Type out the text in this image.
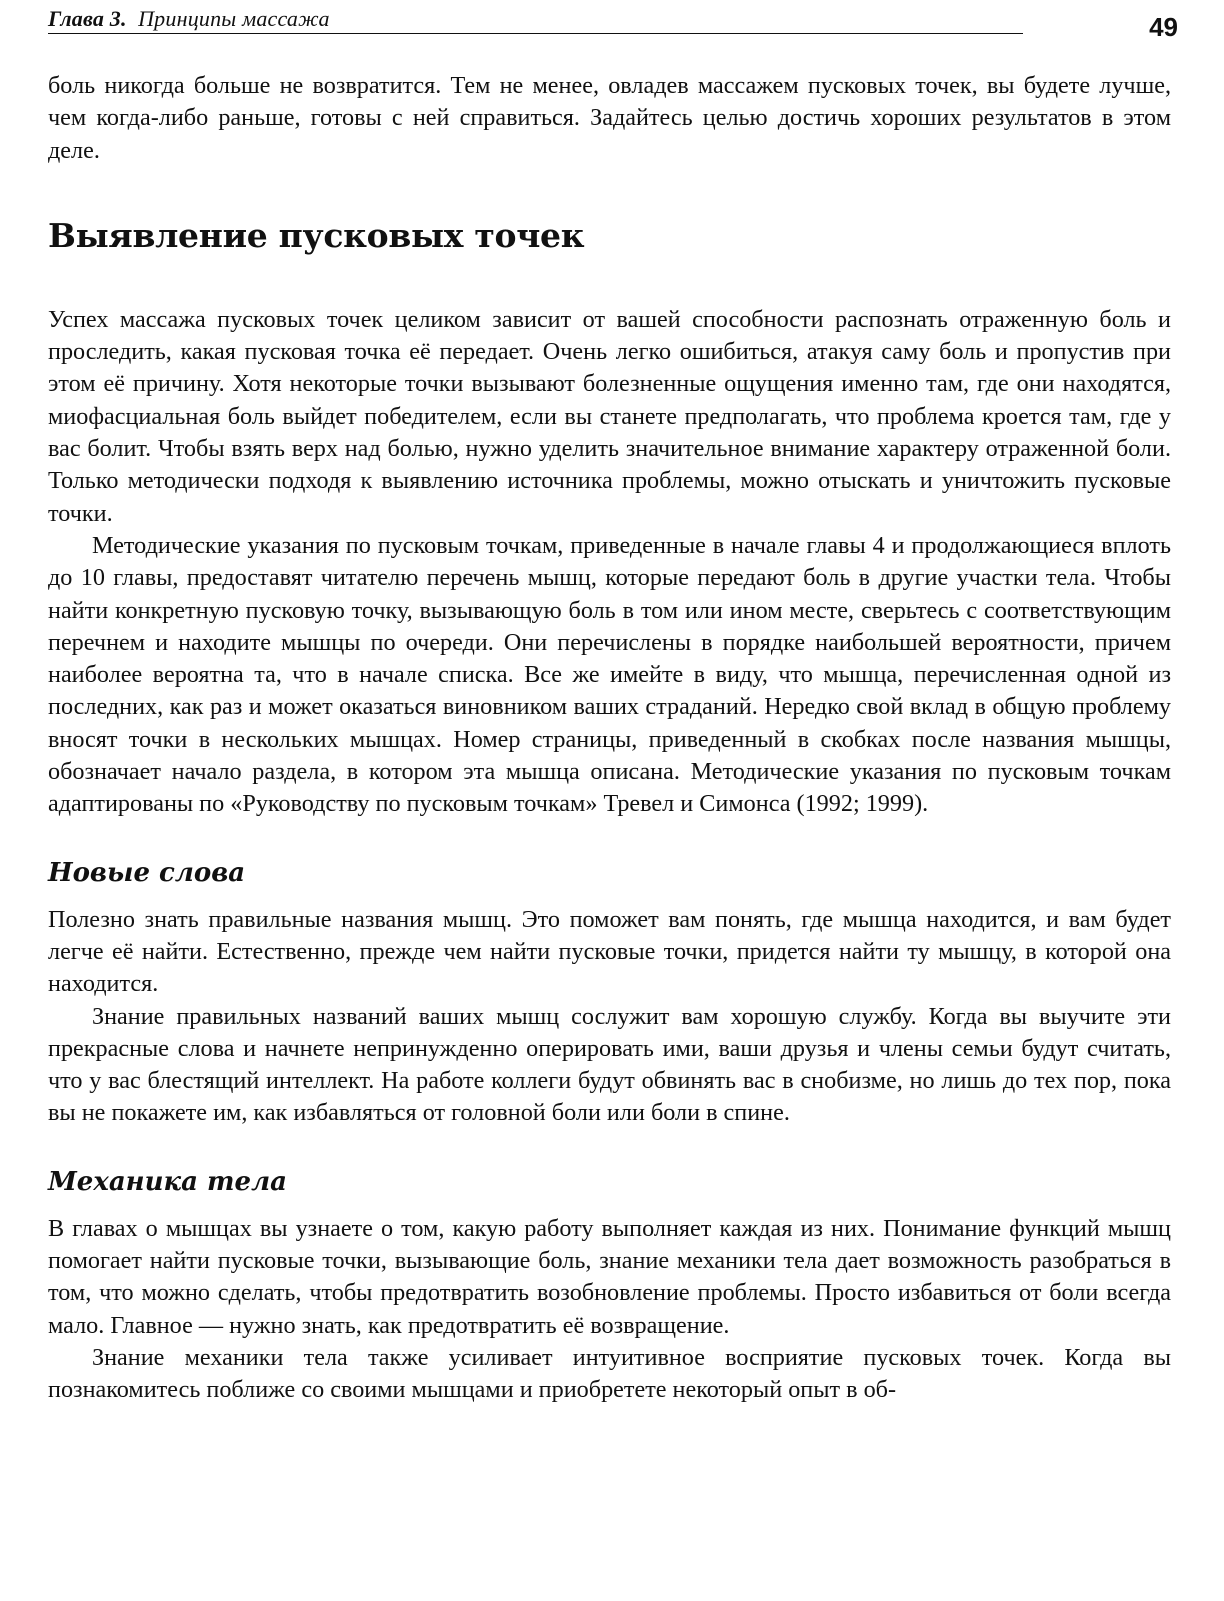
Глава 3. Принципы массажа	49

боль никогда больше не возвратится. Тем не менее, овладев массажем пусковых точек, вы будете лучше, чем когда-либо раньше, готовы с ней справиться. Задайтесь целью достичь хороших результатов в этом деле.

Выявление пусковых точек

Успех массажа пусковых точек целиком зависит от вашей способности распознать отраженную боль и проследить, какая пусковая точка её передает. Очень легко ошибиться, атакуя саму боль и пропустив при этом её причину. Хотя некоторые точки вызывают болезненные ощущения именно там, где они находятся, миофасциальная боль выйдет победителем, если вы станете предполагать, что проблема кроется там, где у вас болит. Чтобы взять верх над болью, нужно уделить значительное внимание характеру отраженной боли. Только методически подходя к выявлению источника проблемы, можно отыскать и уничтожить пусковые точки.

Методические указания по пусковым точкам, приведенные в начале главы 4 и продолжающиеся вплоть до 10 главы, предоставят читателю перечень мышц, которые передают боль в другие участки тела. Чтобы найти конкретную пусковую точку, вызывающую боль в том или ином месте, сверьтесь с соответствующим перечнем и находите мышцы по очереди. Они перечислены в порядке наибольшей вероятности, причем наиболее вероятна та, что в начале списка. Все же имейте в виду, что мышца, перечисленная одной из последних, как раз и может оказаться виновником ваших страданий. Нередко свой вклад в общую проблему вносят точки в нескольких мышцах. Номер страницы, приведенный в скобках после названия мышцы, обозначает начало раздела, в котором эта мышца описана. Методические указания по пусковым точкам адаптированы по «Руководству по пусковым точкам» Тревел и Симонса (1992; 1999).

Новые слова

Полезно знать правильные названия мышц. Это поможет вам понять, где мышца находится, и вам будет легче её найти. Естественно, прежде чем найти пусковые точки, придется найти ту мышцу, в которой она находится.

Знание правильных названий ваших мышц сослужит вам хорошую службу. Когда вы выучите эти прекрасные слова и начнете непринужденно оперировать ими, ваши друзья и члены семьи будут считать, что у вас блестящий интеллект. На работе коллеги будут обвинять вас в снобизме, но лишь до тех пор, пока вы не покажете им, как избавляться от головной боли или боли в спине.

Механика тела

В главах о мышцах вы узнаете о том, какую работу выполняет каждая из них. Понимание функций мышц помогает найти пусковые точки, вызывающие боль, знание механики тела дает возможность разобраться в том, что можно сделать, чтобы предотвратить возобновление проблемы. Просто избавиться от боли всегда мало. Главное — нужно знать, как предотвратить её возвращение.

Знание механики тела также усиливает интуитивное восприятие пусковых точек. Когда вы познакомитесь поближе со своими мышцами и приобретете некоторый опыт в об-
